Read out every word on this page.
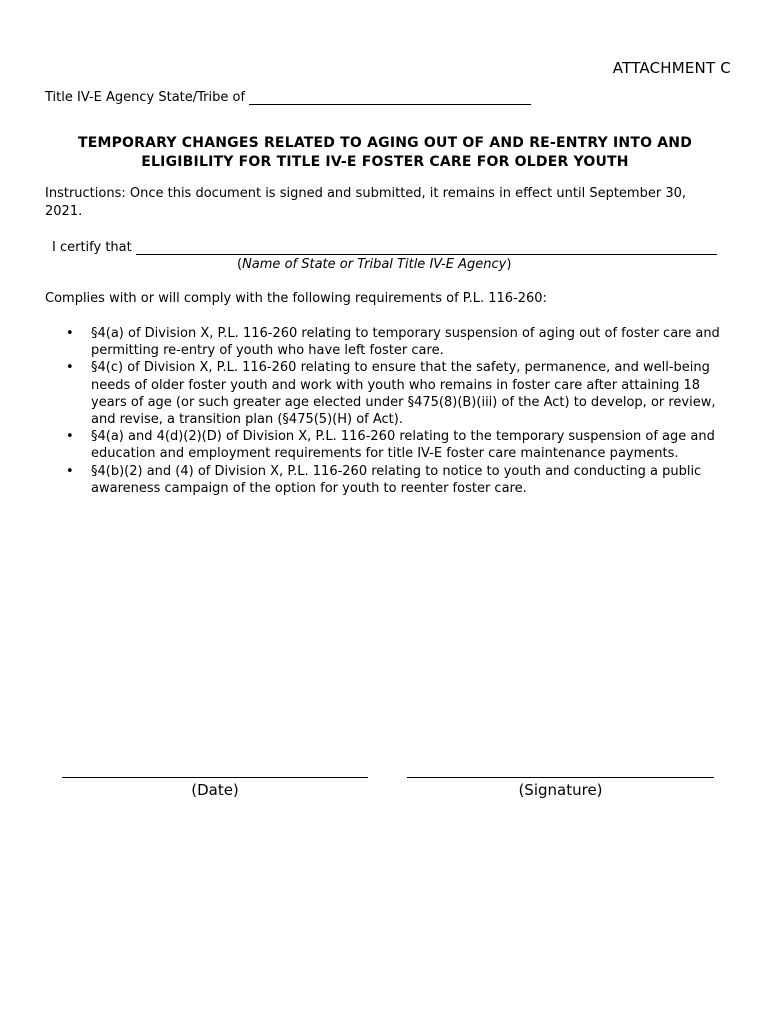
ATTACHMENT C
Title IV-E Agency State/Tribe of
TEMPORARY CHANGES RELATED TO AGING OUT OF AND RE-ENTRY INTO AND
ELIGIBILITY FOR TITLE IV-E FOSTER CARE FOR OLDER YOUTH
Instructions: Once this document is signed and submitted, it remains in effect until September 30, 2021.
I certify that
(Name of State or Tribal Title IV-E Agency)
Complies with or will comply with the following requirements of P.L. 116-260:
• §4(a) of Division X, P.L. 116-260 relating to temporary suspension of aging out of foster care and permitting re-entry of youth who have left foster care.
• §4(c) of Division X, P.L. 116-260 relating to ensure that the safety, permanence, and well-being needs of older foster youth and work with youth who remains in foster care after attaining 18 years of age (or such greater age elected under §475(8)(B)(iii) of the Act) to develop, or review, and revise, a transition plan (§475(5)(H) of Act).
• §4(a) and 4(d)(2)(D) of Division X, P.L. 116-260 relating to the temporary suspension of age and education and employment requirements for title IV-E foster care maintenance payments.
• §4(b)(2) and (4) of Division X, P.L. 116-260 relating to notice to youth and conducting a public awareness campaign of the option for youth to reenter foster care.
(Date)	(Signature)
